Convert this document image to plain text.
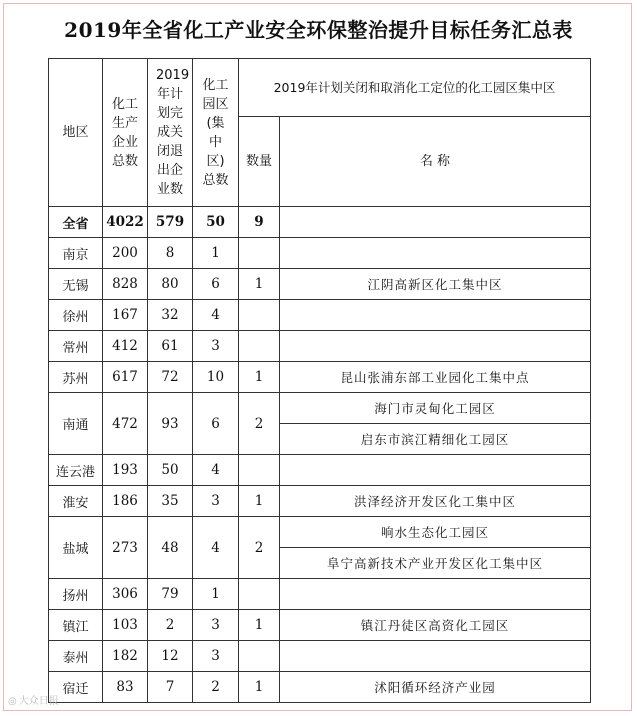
2019年全省化工产业安全环保整治提升目标任务汇总表
地区	化工生产企业总数	2019年计划完成关闭退出企业数	化工园区(集中区)总数	2019年计划关闭和取消化工定位的化工园区集中区	
				数量	名 称
全省	4022	579	50	9	
南京	200	8	1		
无锡	828	80	6	1	江阴高新区化工集中区
徐州	167	32	4		
常州	412	61	3		
苏州	617	72	10	1	昆山张浦东部工业园化工集中点
南通	472	93	6	2	海门市灵甸化工园区
					启东市滨江精细化工园区
连云港	193	50	4		
淮安	186	35	3	1	洪泽经济开发区化工集中区
盐城	273	48	4	2	响水生态化工园区
					阜宁高新技术产业开发区化工集中区
扬州	306	79	1		
镇江	103	2	3	1	镇江丹徒区高资化工园区
泰州	182	12	3		
宿迁	83	7	2	1	沭阳循环经济产业园
◎ 大众日报
